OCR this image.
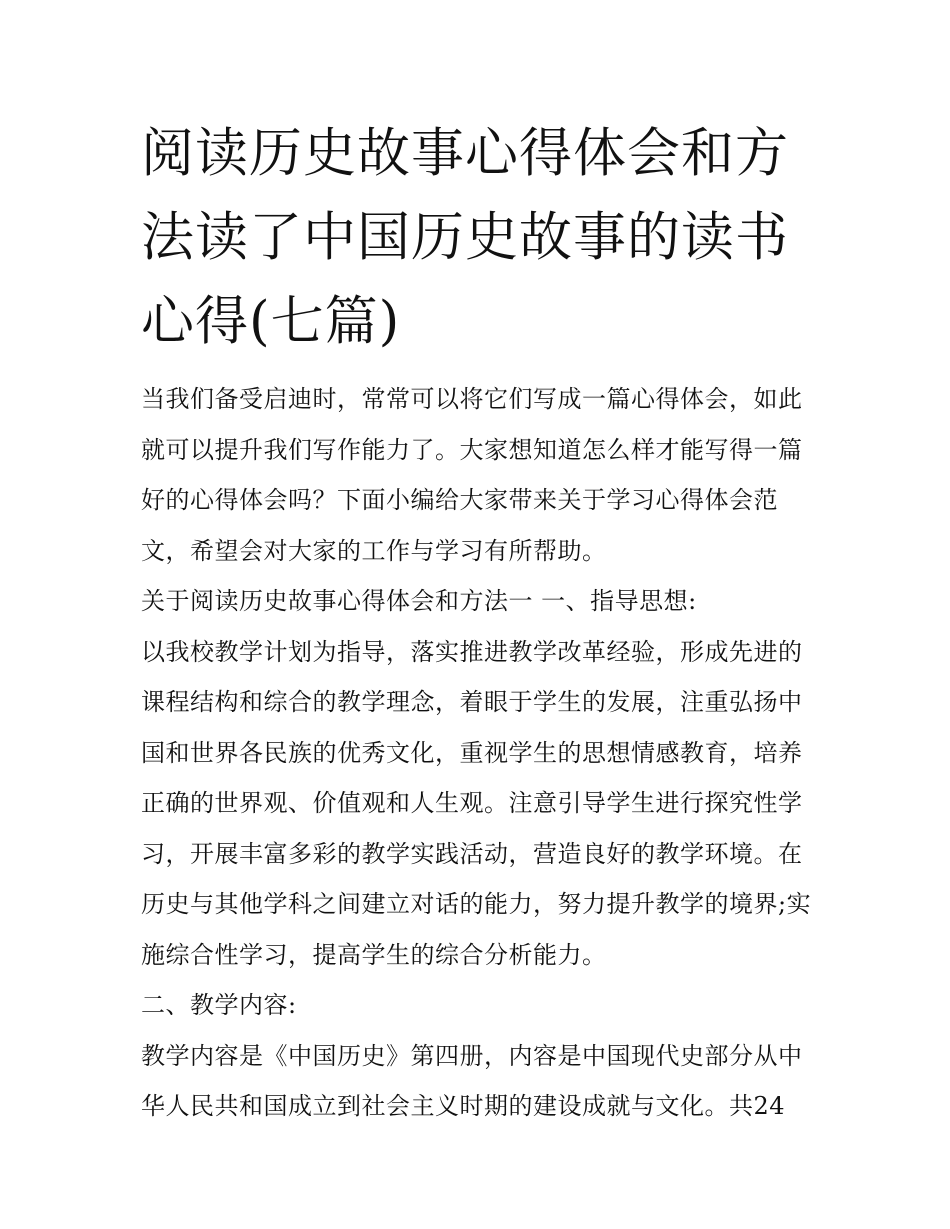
阅读历史故事心得体会和方法读了中国历史故事的读书心得(七篇)

当我们备受启迪时，常常可以将它们写成一篇心得体会，如此就可以提升我们写作能力了。大家想知道怎么样才能写得一篇好的心得体会吗？下面小编给大家带来关于学习心得体会范文，希望会对大家的工作与学习有所帮助。

关于阅读历史故事心得体会和方法一 一、指导思想:

以我校教学计划为指导，落实推进教学改革经验，形成先进的课程结构和综合的教学理念，着眼于学生的发展，注重弘扬中国和世界各民族的优秀文化，重视学生的思想情感教育，培养正确的世界观、价值观和人生观。注意引导学生进行探究性学习，开展丰富多彩的教学实践活动，营造良好的教学环境。在历史与其他学科之间建立对话的能力，努力提升教学的境界;实施综合性学习，提高学生的综合分析能力。

二、教学内容:

教学内容是《中国历史》第四册，内容是中国现代史部分从中华人民共和国成立到社会主义时期的建设成就与文化。共24
